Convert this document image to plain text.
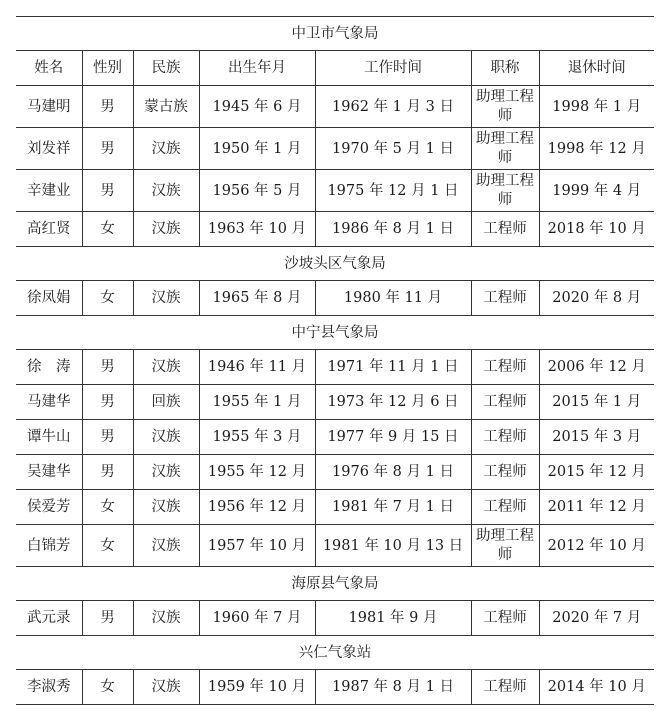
中卫市气象局						
姓名	性别	民族	出生年月	工作时间	职称	退休时间
马建明	男	蒙古族	1945 年 6 月	1962 年 1 月 3 日	助理工程师	1998 年 1 月
刘发祥	男	汉族	1950 年 1 月	1970 年 5 月 1 日	助理工程师	1998 年 12 月
辛建业	男	汉族	1956 年 5 月	1975 年 12 月 1 日	助理工程师	1999 年 4 月
高红贤	女	汉族	1963 年 10 月	1986 年 8 月 1 日	工程师	2018 年 10 月
沙坡头区气象局						
徐凤娟	女	汉族	1965 年 8 月	1980 年 11 月	工程师	2020 年 8 月
中宁县气象局						
徐　涛	男	汉族	1946 年 11 月	1971 年 11 月 1 日	工程师	2006 年 12 月
马建华	男	回族	1955 年 1 月	1973 年 12 月 6 日	工程师	2015 年 1 月
谭牛山	男	汉族	1955 年 3 月	1977 年 9 月 15 日	工程师	2015 年 3 月
吴建华	男	汉族	1955 年 12 月	1976 年 8 月 1 日	工程师	2015 年 12 月
侯爱芳	女	汉族	1956 年 12 月	1981 年 7 月 1 日	工程师	2011 年 12 月
白锦芳	女	汉族	1957 年 10 月	1981 年 10 月 13 日	助理工程师	2012 年 10 月
海原县气象局						
武元录	男	汉族	1960 年 7 月	1981 年 9 月	工程师	2020 年 7 月
兴仁气象站						
李淑秀	女	汉族	1959 年 10 月	1987 年 8 月 1 日	工程师	2014 年 10 月
